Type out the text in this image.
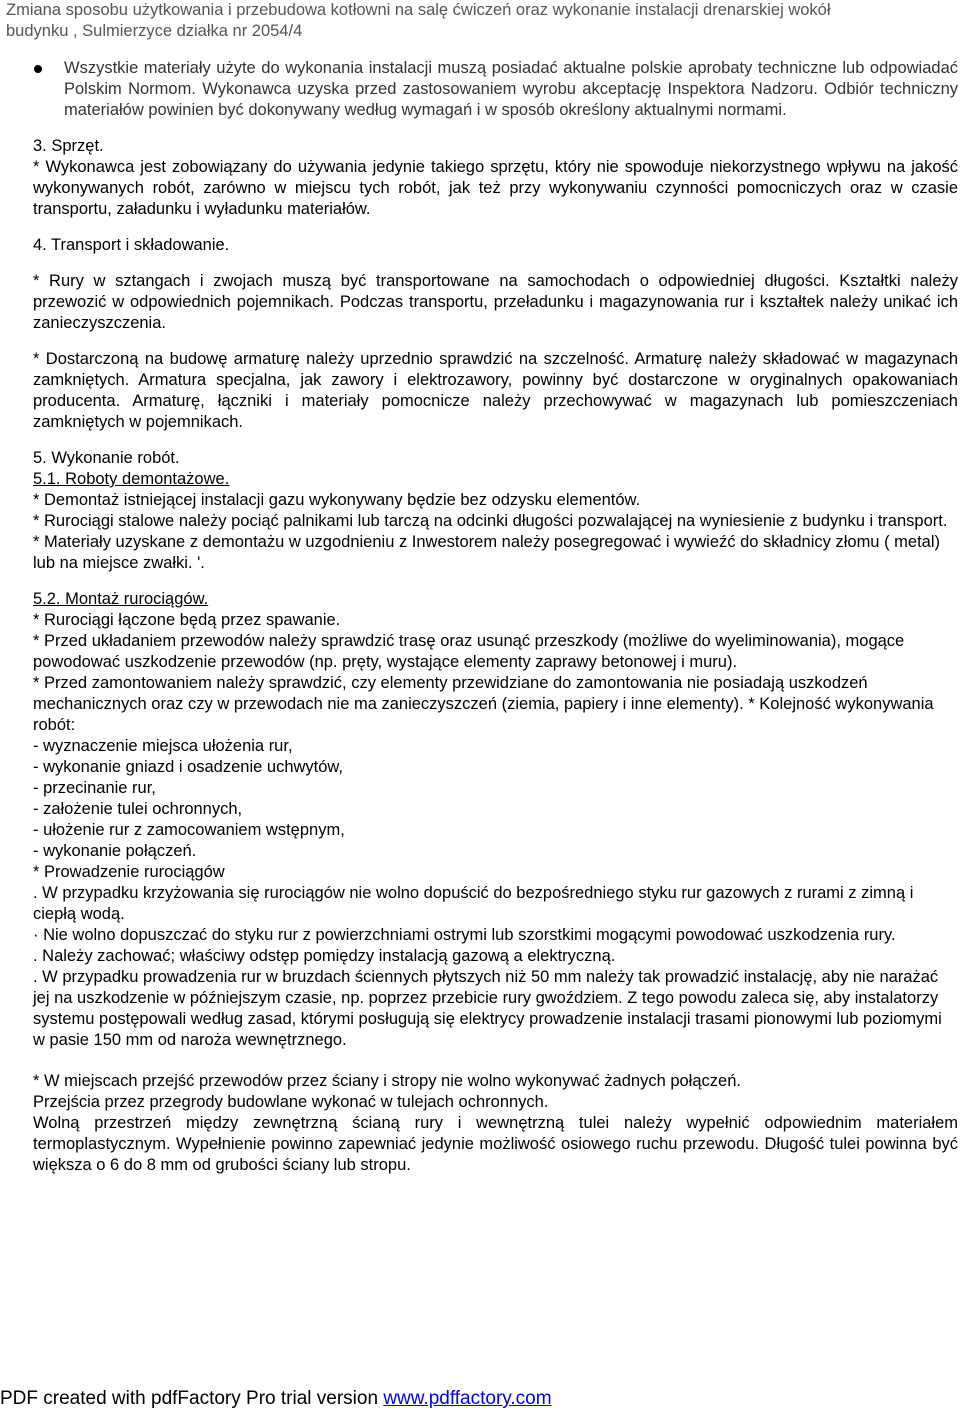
Zmiana sposobu użytkowania i przebudowa kotłowni na salę ćwiczeń oraz wykonanie instalacji drenarskiej wokół
budynku , Sulmierzyce działka nr 2054/4
Wszystkie materiały użyte do wykonania instalacji muszą posiadać aktualne polskie aprobaty techniczne lub odpowiadać Polskim Normom. Wykonawca uzyska przed zastosowaniem wyrobu akceptację Inspektora Nadzoru. Odbiór techniczny materiałów powinien być dokonywany według wymagań i w sposób określony aktualnymi normami.
3. Sprzęt.
* Wykonawca jest zobowiązany do używania jedynie takiego sprzętu, który nie spowoduje niekorzystnego wpływu na jakość wykonywanych robót, zarówno w miejscu tych robót, jak też przy wykonywaniu czynności pomocniczych oraz w czasie transportu, załadunku i wyładunku materiałów.
4. Transport i składowanie.
* Rury w sztangach i zwojach muszą być transportowane na samochodach o odpowiedniej długości. Kształtki należy przewozić w odpowiednich pojemnikach. Podczas transportu, przeładunku i magazynowania rur i kształtek należy unikać ich zanieczyszczenia.
* Dostarczoną na budowę armaturę należy uprzednio sprawdzić na szczelność. Armaturę należy składować w magazynach zamkniętych. Armatura specjalna, jak zawory i elektrozawory, powinny być dostarczone w oryginalnych opakowaniach producenta. Armaturę, łączniki i materiały pomocnicze należy przechowywać w magazynach lub pomieszczeniach zamkniętych w pojemnikach.
5. Wykonanie robót.
5.1. Roboty demontażowe.
* Demontaż istniejącej instalacji gazu wykonywany będzie bez odzysku elementów.
* Rurociągi stalowe należy pociąć palnikami lub tarczą na odcinki długości pozwalającej na wyniesienie z budynku i transport.
* Materiały uzyskane z demontażu w uzgodnieniu z Inwestorem należy posegregować i wywieźć do składnicy złomu ( metal) lub na miejsce zwałki. '.
5.2. Montaż rurociągów.
* Rurociągi łączone będą przez spawanie.
* Przed układaniem przewodów należy sprawdzić trasę oraz usunąć przeszkody (możliwe do wyeliminowania), mogące powodować uszkodzenie przewodów (np. pręty, wystające elementy zaprawy betonowej i muru).
* Przed zamontowaniem należy sprawdzić, czy elementy przewidziane do zamontowania nie posiadają uszkodzeń mechanicznych oraz czy w przewodach nie ma zanieczyszczeń (ziemia, papiery i inne elementy). * Kolejność wykonywania robót:
- wyznaczenie miejsca ułożenia rur,
- wykonanie gniazd i osadzenie uchwytów,
- przecinanie rur,
- założenie tulei ochronnych,
- ułożenie rur z zamocowaniem wstępnym,
- wykonanie połączeń.
* Prowadzenie rurociągów
. W przypadku krzyżowania się rurociągów nie wolno dopuścić do bezpośredniego styku rur gazowych z rurami z zimną i ciepłą wodą.
· Nie wolno dopuszczać do styku rur z powierzchniami ostrymi lub szorstkimi mogącymi powodować uszkodzenia rury.
. Należy zachować; właściwy odstęp pomiędzy instalacją gazową a elektryczną.
. W przypadku prowadzenia rur w bruzdach ściennych płytszych niż 50 mm należy tak prowadzić instalację, aby nie narażać jej na uszkodzenie w późniejszym czasie, np. poprzez przebicie rury gwoździem. Z tego powodu zaleca się, aby instalatorzy systemu postępowali według zasad, którymi posługują się elektrycy prowadzenie instalacji trasami pionowymi lub poziomymi w pasie 150 mm od naroża wewnętrznego.
* W miejscach przejść przewodów przez ściany i stropy nie wolno wykonywać żadnych połączeń.
Przejścia przez przegrody budowlane wykonać w tulejach ochronnych.
Wolną przestrzeń między zewnętrzną ścianą rury i wewnętrzną tulei należy wypełnić odpowiednim materiałem termoplastycznym. Wypełnienie powinno zapewniać jedynie możliwość osiowego ruchu przewodu. Długość tulei powinna być większa o 6 do 8 mm od grubości ściany lub stropu.
PDF created with pdfFactory Pro trial version www.pdffactory.com
